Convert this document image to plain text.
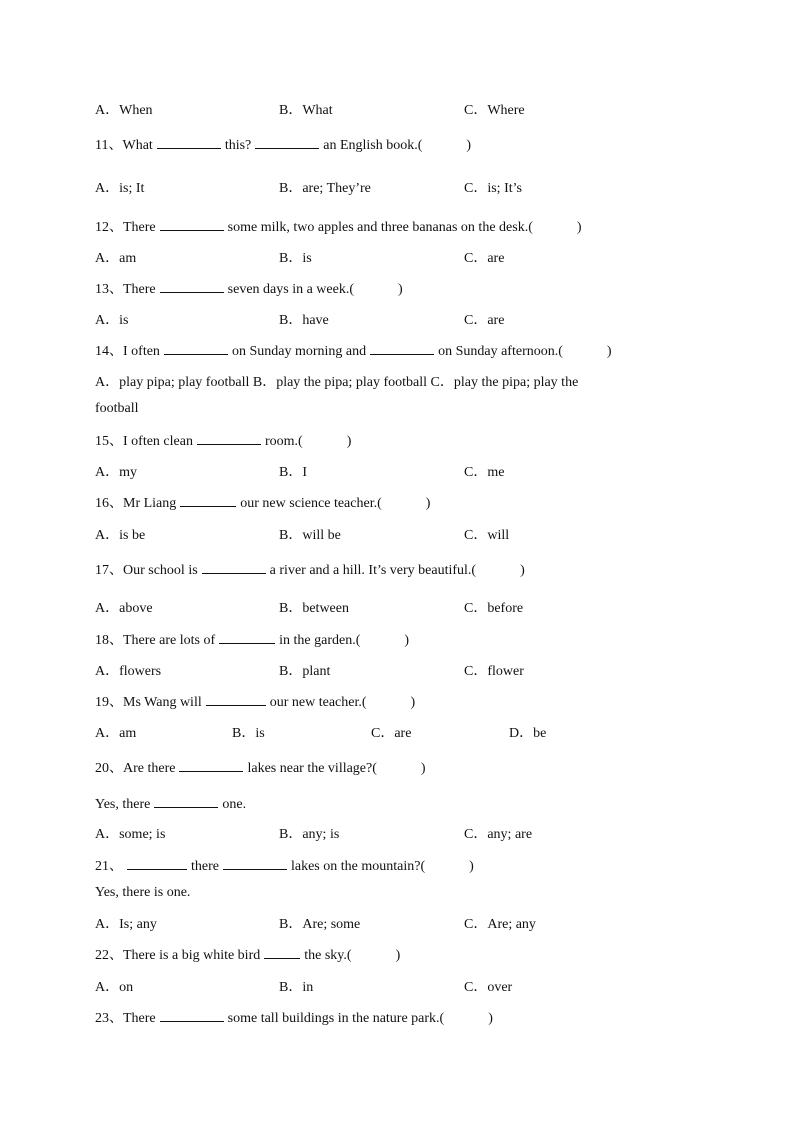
A．When	B．What	C．Where
11、What	this?	an English book.(	)
A．is; It	B．are; They’re	C．is; It’s
12、There	some milk, two apples and three bananas on the desk.(	)
A．am	B．is	C．are
13、There	seven days in a week.(	)
A．is	B．have	C．are
14、I often	on Sunday morning and	on Sunday afternoon.(	)
A．play pipa; play football B．play the pipa; play football C．play the pipa; play the
football
15、I often clean	room.(	)
A．my	B．I	C．me
16、Mr Liang	our new science teacher.(	)
A．is be	B．will be	C．will
17、Our school is	a river and a hill. It’s very beautiful.(	)
A．above	B．between	C．before
18、There are lots of	in the garden.(	)
A．flowers	B．plant	C．flower
19、Ms Wang will	our new teacher.(	)
A．am	B．is	C．are	D．be
20、Are there	lakes near the village?(	)
Yes, there	one.
A．some; is	B．any; is	C．any; are
21、	there	lakes on the mountain?(	)
Yes, there is one.
A．Is; any	B．Are; some	C．Are; any
22、There is a big white bird	the sky.(	)
A．on	B．in	C．over
23、There	some tall buildings in the nature park.(	)
